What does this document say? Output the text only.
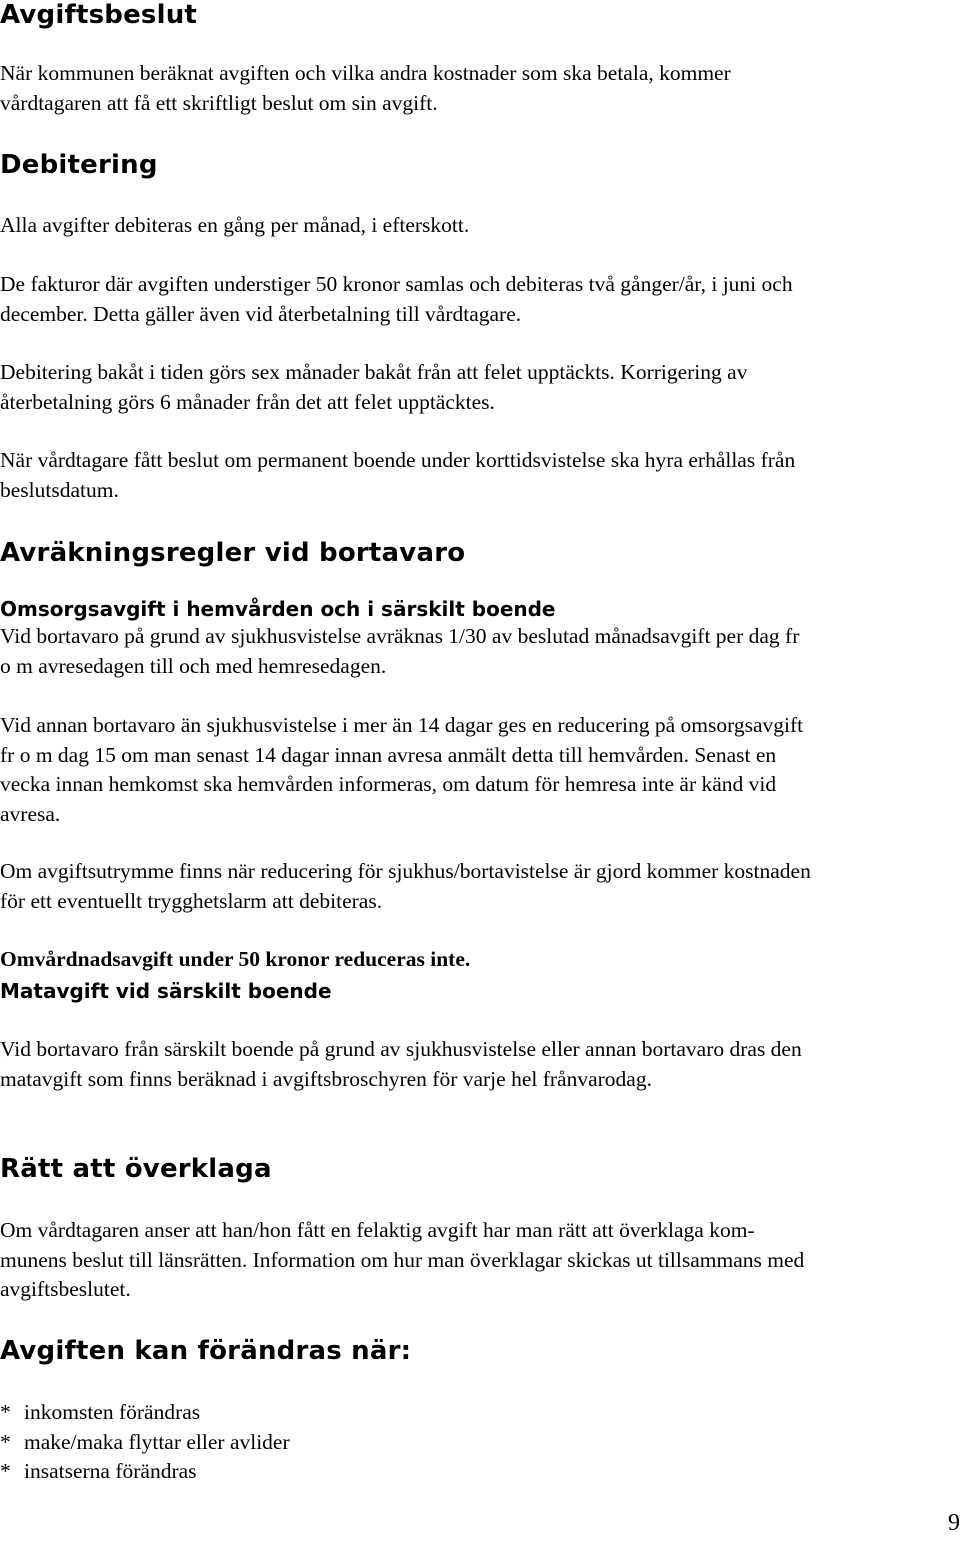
Avgiftsbeslut
När kommunen beräknat avgiften och vilka andra kostnader som ska betala, kommer
vårdtagaren att få ett skriftligt beslut om sin avgift.
Debitering
Alla avgifter debiteras en gång per månad, i efterskott.
De fakturor där avgiften understiger 50 kronor samlas och debiteras två gånger/år, i juni och
december. Detta gäller även vid återbetalning till vårdtagare.
Debitering bakåt i tiden görs sex månader bakåt från att felet upptäckts. Korrigering av
återbetalning görs 6 månader från det att felet upptäcktes.
När vårdtagare fått beslut om permanent boende under korttidsvistelse ska hyra erhållas från
beslutsdatum.
Avräkningsregler vid bortavaro
Omsorgsavgift i hemvården och i särskilt boende
Vid bortavaro på grund av sjukhusvistelse avräknas 1/30 av beslutad månadsavgift per dag fr
o m avresedagen till och med hemresedagen.
Vid annan bortavaro än sjukhusvistelse i mer än 14 dagar ges en reducering på omsorgsavgift
fr o m dag 15 om man senast 14 dagar innan avresa anmält detta till hemvården. Senast en
vecka innan hemkomst ska hemvården informeras, om datum för hemresa inte är känd vid
avresa.
Om avgiftsutrymme finns när reducering för sjukhus/bortavistelse är gjord kommer kostnaden
för ett eventuellt trygghetslarm att debiteras.
Omvårdnadsavgift under 50 kronor reduceras inte.
Matavgift vid särskilt boende
Vid bortavaro från särskilt boende på grund av sjukhusvistelse eller annan bortavaro dras den
matavgift som finns beräknad i avgiftsbroschyren för varje hel frånvarodag.
Rätt att överklaga
Om vårdtagaren anser att han/hon fått en felaktig avgift har man rätt att överklaga kom-
munens beslut till länsrätten. Information om hur man överklagar skickas ut tillsammans med
avgiftsbeslutet.
Avgiften kan förändras när:
* inkomsten förändras
* make/maka flyttar eller avlider
* insatserna förändras
9
